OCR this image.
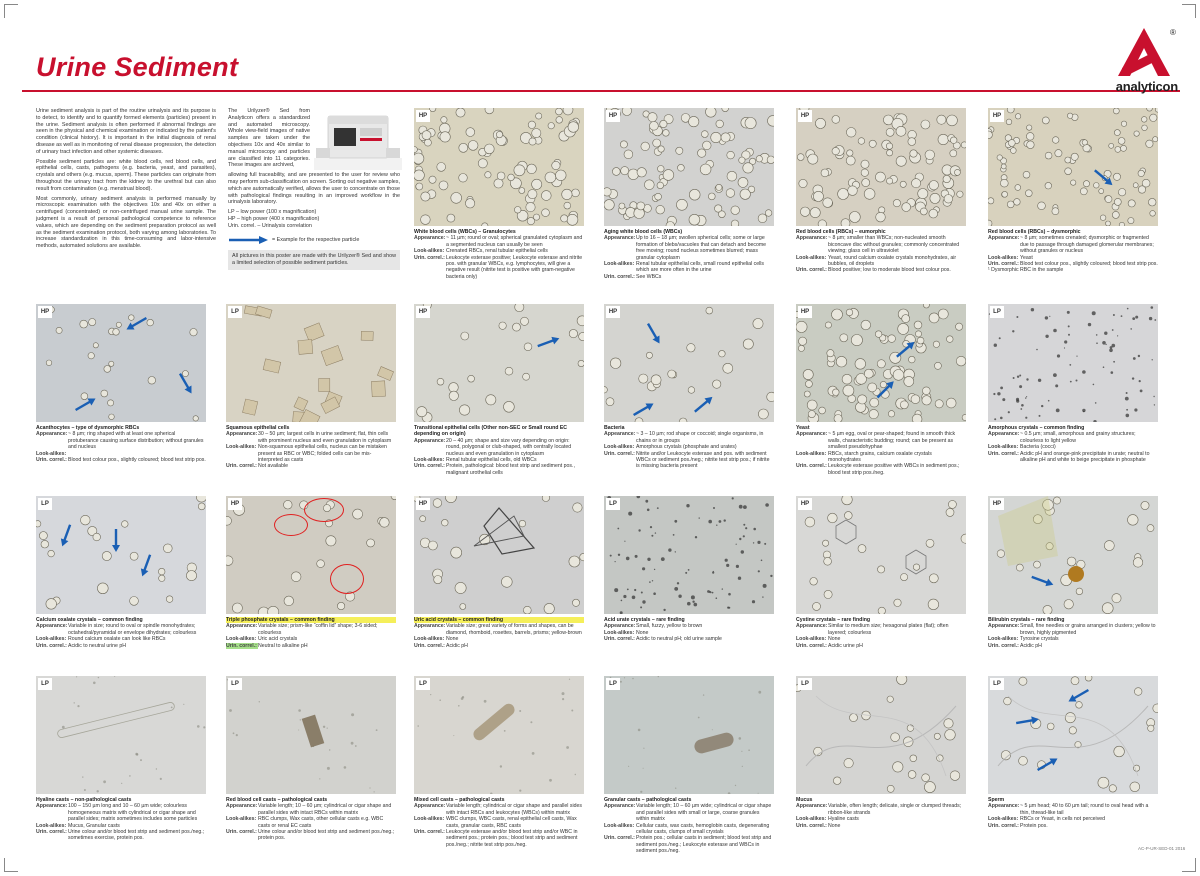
Urine Sediment
®
analyticon

Urine sediment analysis is part of the routine urinalysis and its purpose is to detect, to identify and to quantify formed elements (particles) present in the urine. Sediment analysis is often performed if abnormal findings are seen in the physical and chemical examination or indicated by the patient's condition (clinical history). It is important in the initial diagnosis of renal disease as well as in monitoring of renal disease progression, the detection of urinary tract infection and other systemic diseases.

Possible sediment particles are: white blood cells, red blood cells, and epithelial cells, casts, pathogens (e.g. bacteria, yeast, and parasites), crystals and others (e.g. mucus, sperm). These particles can originate from throughout the urinary tract from the kidney to the urethral but can also result from contamination (e.g. menstrual blood).

Most commonly, urinary sediment analysis is performed manually by microscopic examination with the objectives 10x and 40x on either a centrifuged (concentrated) or non-centrifuged manual urine sample. The judgment is a result of personal pathological competence to reference values, which are depending on the sediment preparation protocol as well as the sediment examination protocol, both varying among laboratories. To increase standardization in this time-consuming and labor-intensive methods, automated solutions are available.

The Urilyzer® Sed from Analyticon offers a standardized and automated microscopy. Whole view-field images of native samples are taken under the objectives 10x and 40x similar to manual microscopy and particles are classified into 11 categories. These images are archived,

allowing full traceability, and are presented to the user for review who may perform sub-classification on screen. Sorting out negative samples, which are automatically verified, allows the user to concentrate on those with pathological findings resulting in an improved workflow in the urinalysis laboratory.

LP – low power (100 x magnification)
HP – high power (400 x magnification)
Urin. correl. – Urinalysis correlation
= Example for the respective particle
All pictures in this poster are made with the Urilyzer® Sed and show a limited selection of possible sediment particles.
HP
White blood cells (WBCs) – Granulocytes
Appearance: ~ 11 µm; round or oval; spherical granulated cytoplasm and a segmented nucleus can usually be seen
Look-alikes: Crenated RBCs, renal tubular epithelial cells
Urin. correl.: Leukocyte esterase positive; Leukocyte esterase and nitrite pos. with granular WBCs, e.g. lymphocytes, will give a negative result (nitrite test is positive with gram-negative bacteria only)
HP
Aging white blood cells (WBCs)
Appearance: Up to 16 – 18 µm; swollen spherical cells; some or large formation of blebs/vacuoles that can detach and become free moving; round nucleus sometimes blurred; mass granular cytoplasm
Look-alikes: Renal tubular epithelial cells, small round epithelial cells which are more often in the urine
Urin. correl.: See WBCs
HP
Red blood cells (RBCs) – eumorphic
Appearance: ~ 8 µm; smaller than WBCs; non-nucleated smooth biconcave disc without granules; commonly concentrated viewing; glass cell in ultraviolet
Look-alikes: Yeast, round calcium oxalate crystals monohydrates, air bubbles, oil droplets
Urin. correl.: Blood positive; low to moderate blood test colour pos.
HP
Red blood cells (RBCs) – dysmorphic
Appearance: ~ 8 µm; sometimes crenated; dysmorphic or fragmented due to passage through damaged glomerular membranes; without granules or nucleus
Look-alikes: Yeast
Urin. correl.: Blood test colour pos., slightly coloured; blood test strip pos.
¹ Dysmorphic RBC in the sample
HP
Acanthocytes – type of dysmorphic RBCs
Appearance: ~ 8 µm; ring shaped with at least one spherical protuberance causing surface distribution; without granules and nucleus
Look-alikes:
Urin. correl.: Blood test colour pos., slightly coloured; blood test strip pos.
LP
Squamous epithelial cells
Appearance: 30 – 50 µm; largest cells in urine sediment; flat, thin cells with prominent nucleus and even granulation in cytoplasm
Look-alikes: Non-squamous epithelial cells, nucleus can be mistaken present as RBC or WBC; folded cells can be mis-interpreted as casts
Urin. correl.: Not available
HP
Transitional epithelial cells (Other non-SEC or Small round EC depending on origin)
Appearance: 20 – 40 µm; shape and size vary depending on origin: round, polygonal or club-shaped, with centrally located nucleus and even granulation in cytoplasm
Look-alikes: Renal tubular epithelial cells, old WBCs
Urin. correl.: Protein, pathological: blood test strip and sediment pos., malignant urothelial cells
HP
Bacteria
Appearance: ~ 3 – 10 µm; rod shape or coccoid; single organisms, in chains or in groups
Look-alikes: Amorphous crystals (phosphate and urates)
Urin. correl.: Nitrite and/or Leukocyte esterase and pos. with sediment WBCs or sediment pos./neg.; nitrite test strip pos.; if nitrite is missing bacteria present
HP
Yeast
Appearance: ~ 5 µm egg, oval or pear-shaped; found in smooth thick walls, characteristic budding; round; can be present as smallest pseudohyphae
Look-alikes: RBCs, starch grains, calcium oxalate crystals monohydrates
Urin. correl.: Leukocyte esterase positive with WBCs in sediment pos.; blood test strip pos./neg.
LP
Amorphous crystals – common finding
Appearance: ~ 0.5 µm; small, amorphous and grainy structures; colourless to light yellow
Look-alikes: Bacteria (cocci)
Urin. correl.: Acidic pH and orange-pink precipitate in urate; neutral to alkaline pH and white to beige precipitate in phosphate
LP
Calcium oxalate crystals – common finding
Appearance: Variable in size; round to oval or spindle monohydrates; octahedral/pyramidal or envelope dihydrates; colourless
Look-alikes: Round calcium oxalate can look like RBCs
Urin. correl.: Acidic to neutral urine pH
HP
Triple phosphate crystals – common finding
Appearance: Variable size; prism-like “coffin lid” shape; 3-6 sided; colourless
Look-alikes: Uric acid crystals
Urin. correl.: Neutral to alkaline pH
HP
Uric acid crystals – common finding
Appearance: Variable size; great variety of forms and shapes, can be diamond, rhomboid, rosettes, barrels, prisms; yellow-brown
Look-alikes: None
Urin. correl.: Acidic pH
LP
Acid urate crystals – rare finding
Appearance: Small, fuzzy, yellow to brown
Look-alikes: None
Urin. correl.: Acidic to neutral pH; old urine sample
HP
Cystine crystals – rare finding
Appearance: Similar to medium size; hexagonal plates (flat); often layered; colourless
Look-alikes: None
Urin. correl.: Acidic urine pH
HP
Bilirubin crystals – rare finding
Appearance: Small, fine needles or grains arranged in clusters; yellow to brown, highly pigmented
Look-alikes: Tyrosine crystals
Urin. correl.: Acidic pH
LP
Hyaline casts – non-pathological casts
Appearance: 100 – 150 µm long and 10 – 60 µm wide; colourless homogeneous matrix with cylindrical or cigar shape and parallel sides; matrix sometimes includes some particles
Look-alikes: Mucus, Granular casts
Urin. correl.: Urine colour and/or blood test strip and sediment pos./neg.; sometimes exercise, protein pos.
LP
Red blood cell casts – pathological casts
Appearance: Variable length; 10 – 60 µm; cylindrical or cigar shape and parallel sides with intact RBCs within matrix
Look-alikes: RBC clumps, Wax casts, other cellular casts e.g. WBC casts or renal EC casts
Urin. correl.: Urine colour and/or blood test strip and sediment pos./neg.; protein pos.
LP
Mixed cell casts – pathological casts
Appearance: Variable length; cylindrical or cigar shape and parallel sides with intact RBCs and leukocytes (WBCs) within matrix
Look-alikes: WBC clumps, WBC casts, renal epithelial cell casts, Wax casts, granular casts, RBC casts
Urin. correl.: Leukocyte esterase and/or blood test strip and/or WBC in sediment pos.; protein pos.; blood test strip and sediment pos./neg.; nitrite test strip pos./neg.
LP
Granular casts – pathological casts
Appearance: Variable length; 10 – 60 µm wide; cylindrical or cigar shape and parallel sides with small or large, coarse granules within matrix
Look-alikes: Cellular casts, wax casts, hemoglobin casts, degenerating cellular casts, clumps of small crystals
Urin. correl.: Protein pos.; cellular casts in sediment; blood test strip and sediment pos./neg.; Leukocyte esterase and WBCs in sediment pos./neg.
LP
Mucus
Appearance: Variable, often length; delicate, single or clumped threads; ribbon-like strands
Look-alikes: Hyaline casts
Urin. correl.: None
LP
Sperm
Appearance: ~ 5 µm head; 40 to 60 µm tail; round to oval head with a thin, thread-like tail
Look-alikes: RBCs or Yeast, in cells not perceived
Urin. correl.: Protein pos.
AC-P-UR-SED-01 2016
